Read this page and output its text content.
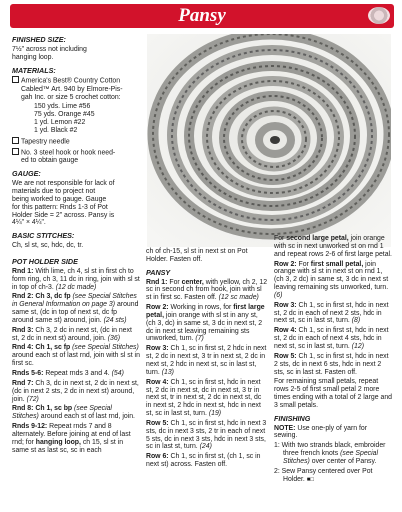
Pansy

FINISHED SIZE:

7½" across not including
hanging loop.

MATERIALS:

America's Best® Country Cotton
Cabled™ Art. 940 by Elmore-Pis-
gah Inc. or size 5 crochet cotton:

150 yds. Lime #56
75 yds. Orange #45
1 yd. Lemon #22
1 yd. Black #2

Tapestry needle

No. 3 steel hook or hook need-
ed to obtain gauge

GAUGE:

We are not responsible for lack of
materials due to project not
being worked to gauge. Gauge
for this pattern: Rnds 1-3 of Pot
Holder Side = 2" across. Pansy is
4¼" × 4¼".

BASIC STITCHES:

Ch, sl st, sc, hdc, dc, tr.

POT HOLDER SIDE

Rnd 1: With lime, ch 4, sl st in first ch to form ring, ch 3, 11 dc in ring, join with sl st in top of ch-3. (12 dc made)

Rnd 2: Ch 3, dc fp (see Special Stitches in General Information on page 3) around same st, (dc in top of next st, dc fp around same st) around, join. (24 sts)

Rnd 3: Ch 3, 2 dc in next st, (dc in next st, 2 dc in next st) around, join. (36)

Rnd 4: Ch 1, sc fp (see Special Stitches) around each st of last rnd, join with sl st in first sc.

Rnds 5-6: Repeat rnds 3 and 4. (54)

Rnd 7: Ch 3, dc in next st, 2 dc in next st, (dc in next 2 sts, 2 dc in next st) around, join. (72)

Rnd 8: Ch 1, sc bp (see Special Stitches) around each st of last rnd, join.

Rnds 9-12: Repeat rnds 7 and 8 alternately. Before joining at end of last rnd; for hanging loop, ch 15, sl st in same st as last sc, sc in each

ch of ch-15, sl st in next st on Pot Holder. Fasten off.

PANSY

Rnd 1: For center, with yellow, ch 2, 12 sc in second ch from hook, join with sl st in first sc. Fasten off. (12 sc made)

Row 2: Working in rows, for first large petal, join orange with sl st in any st, (ch 3, dc) in same st, 3 dc in next st, 2 dc in next st leaving remaining sts unworked, turn. (7)

Row 3: Ch 1, sc in first st, 2 hdc in next st, 2 dc in next st, 3 tr in next st, 2 dc in next st, 2 hdc in next st, sc in last st, turn. (13)

Row 4: Ch 1, sc in first st, hdc in next st, 2 dc in next st, dc in next st, 3 tr in next st, tr in next st, 2 dc in next st, dc in next st, 2 hdc in next st, hdc in next st, sc in last st, turn. (19)

Row 5: Ch 1, sc in first st, hdc in next 3 sts, dc in next 3 sts, 2 tr in each of next 5 sts, dc in next 3 sts, hdc in next 3 sts, sc in last st, turn. (24)

Row 6: Ch 1, sc in first st, (ch 1, sc in next st) across. Fasten off.

For second large petal, join orange with sc in next unworked st on rnd 1 and repeat rows 2-6 of first large petal.

Row 2: For first small petal, join orange with sl st in next st on rnd 1, (ch 3, 2 dc) in same st, 3 dc in next st leaving remaining sts unworked, turn. (6)

Row 3: Ch 1, sc in first st, hdc in next st, 2 dc in each of next 2 sts, hdc in next st, sc in last st, turn. (8)

Row 4: Ch 1, sc in first st, hdc in next st, 2 dc in each of next 4 sts, hdc in next st, sc in last st, turn. (12)

Row 5: Ch 1, sc in first st, hdc in next 2 sts, dc in next 6 sts, hdc in next 2 sts, sc in last st. Fasten off.

For remaining small petals, repeat rows 2-5 of first small petal 2 more times ending with a total of 2 large and 3 small petals.

FINISHING

NOTE: Use one-ply of yarn for sewing.

1: With two strands black, embroider three french knots (see Special Stitches) over center of Pansy.

2: Sew Pansy centered over Pot Holder. ■□
